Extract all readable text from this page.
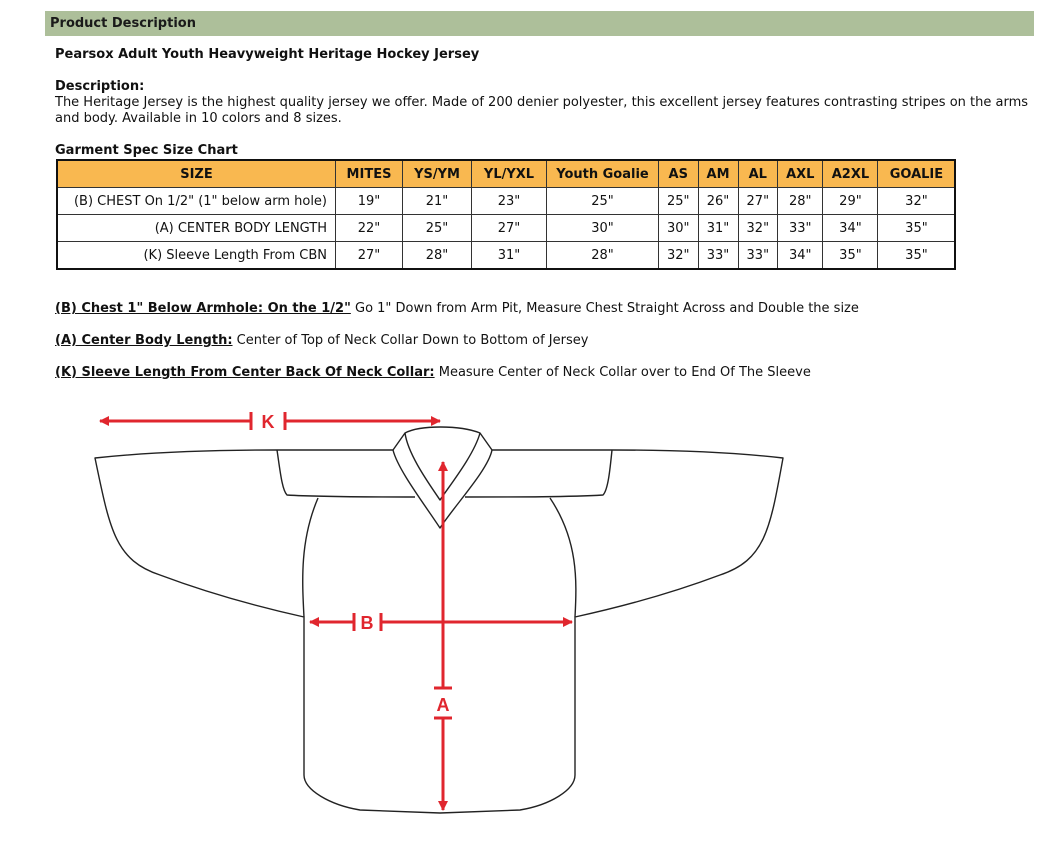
Product Description
Pearsox Adult Youth Heavyweight Heritage Hockey Jersey
Description:
The Heritage Jersey is the highest quality jersey we offer. Made of 200 denier polyester, this excellent jersey features contrasting stripes on the arms and body. Available in 10 colors and 8 sizes.
Garment Spec Size Chart
SIZE	MITES	YS/YM	YL/YXL	Youth Goalie	AS	AM	AL	AXL	A2XL	GOALIE
(B) CHEST On 1/2" (1" below arm hole)	19"	21"	23"	25"	25"	26"	27"	28"	29"	32"
(A) CENTER BODY LENGTH	22"	25"	27"	30"	30"	31"	32"	33"	34"	35"
(K) Sleeve Length From CBN	27"	28"	31"	28"	32"	33"	33"	34"	35"	35"
(B) Chest 1" Below Armhole: On the 1/2" Go 1" Down from Arm Pit, Measure Chest Straight Across and Double the size
(A) Center Body Length: Center of Top of Neck Collar Down to Bottom of Jersey
(K) Sleeve Length From Center Back Of Neck Collar: Measure Center of Neck Collar over to End Of The Sleeve
K
B
A
